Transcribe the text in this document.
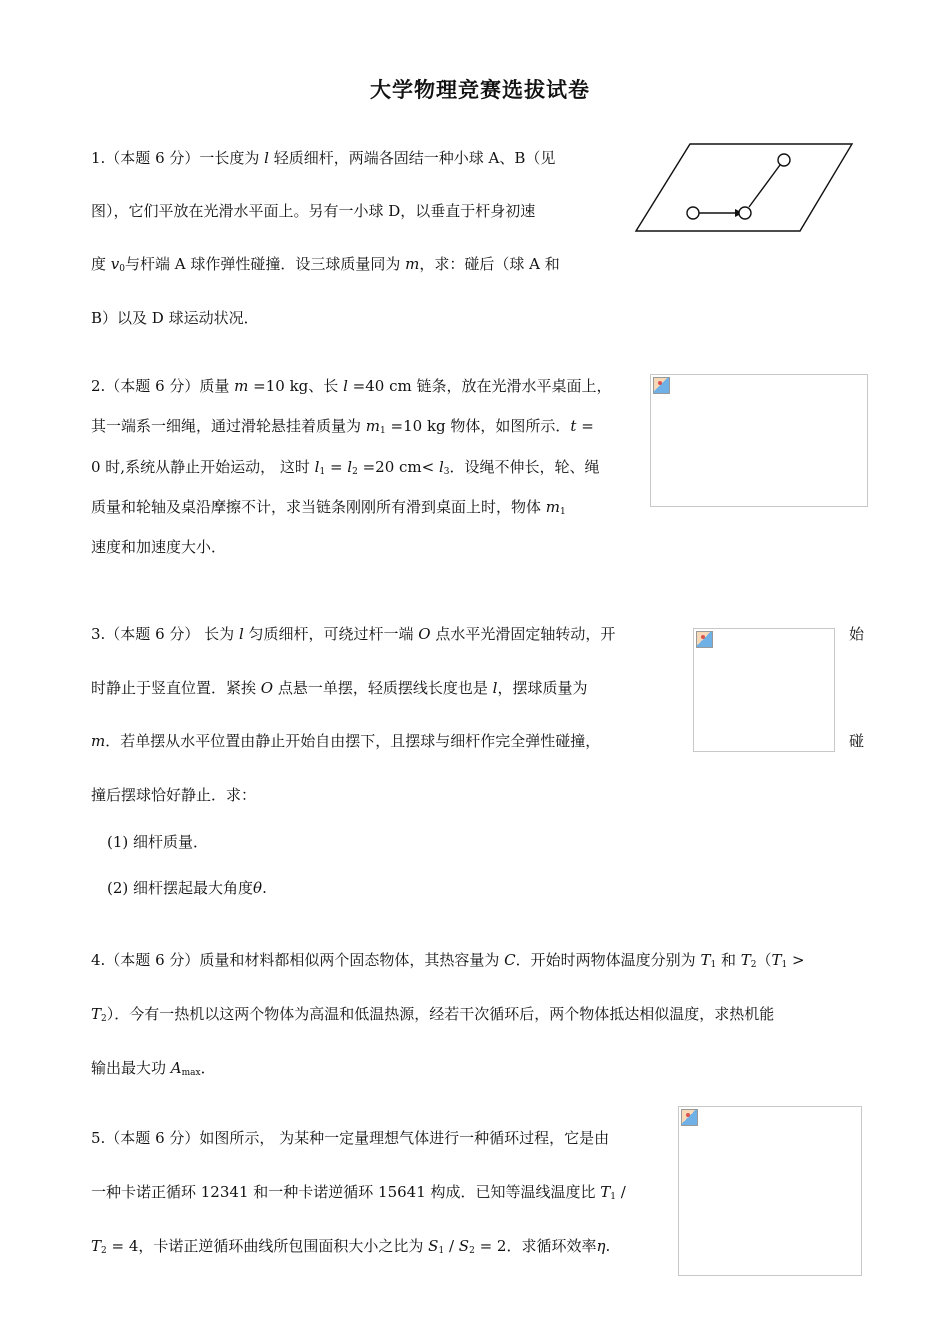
大学物理竞赛选拔试卷
1.（本题 6 分）一长度为 l 轻质细杆，两端各固结一种小球 A、B（见
图），它们平放在光滑水平面上。另有一小球 D，以垂直于杆身初速
度 $v_0$与杆端 A 球作弹性碰撞．设三球质量同为 m，求：碰后（球 A 和
B）以及 D 球运动状况．
2.（本题 6 分）质量 m =10 kg、长 l =40 cm 链条，放在光滑水平桌面上，
其一端系一细绳，通过滑轮悬挂着质量为 $m_1 =10$ kg 物体，如图所示．t =
0 时,系统从静止开始运动， 这时 $l_1 = l_2 =20$ $cm< l_3$．设绳不伸长，轮、绳
质量和轮轴及桌沿摩擦不计，求当链条刚刚所有滑到桌面上时，物体 $m_1$
速度和加速度大小．
3.（本题 6 分） 长为 l 匀质细杆，可绕过杆一端 O 点水平光滑固定轴转动，开	始
时静止于竖直位置．紧挨 O 点悬一单摆，轻质摆线长度也是 l，摆球质量为
m．若单摆从水平位置由静止开始自由摆下，且摆球与细杆作完全弹性碰撞，	碰
撞后摆球恰好静止．求：
(1) 细杆质量．
(2) 细杆摆起最大角度θ.
4.（本题 6 分）质量和材料都相似两个固态物体，其热容量为 C．开始时两物体温度分别为 $T_1$ 和 $T_2(T_1$ >
$T_2$）．今有一热机以这两个物体为高温和低温热源，经若干次循环后，两个物体抵达相似温度，求热机能
输出最大功 $A_{max}$．
5.（本题 6 分）如图所示， 为某种一定量理想气体进行一种循环过程，它是由
一种卡诺正循环 12341 和一种卡诺逆循环 15641 构成．已知等温线温度比 $T_1$ /
$T_2 = 4$，卡诺正逆循环曲线所包围面积大小之比为 $S_1 / S_2 = 2$．求循环效率η.
